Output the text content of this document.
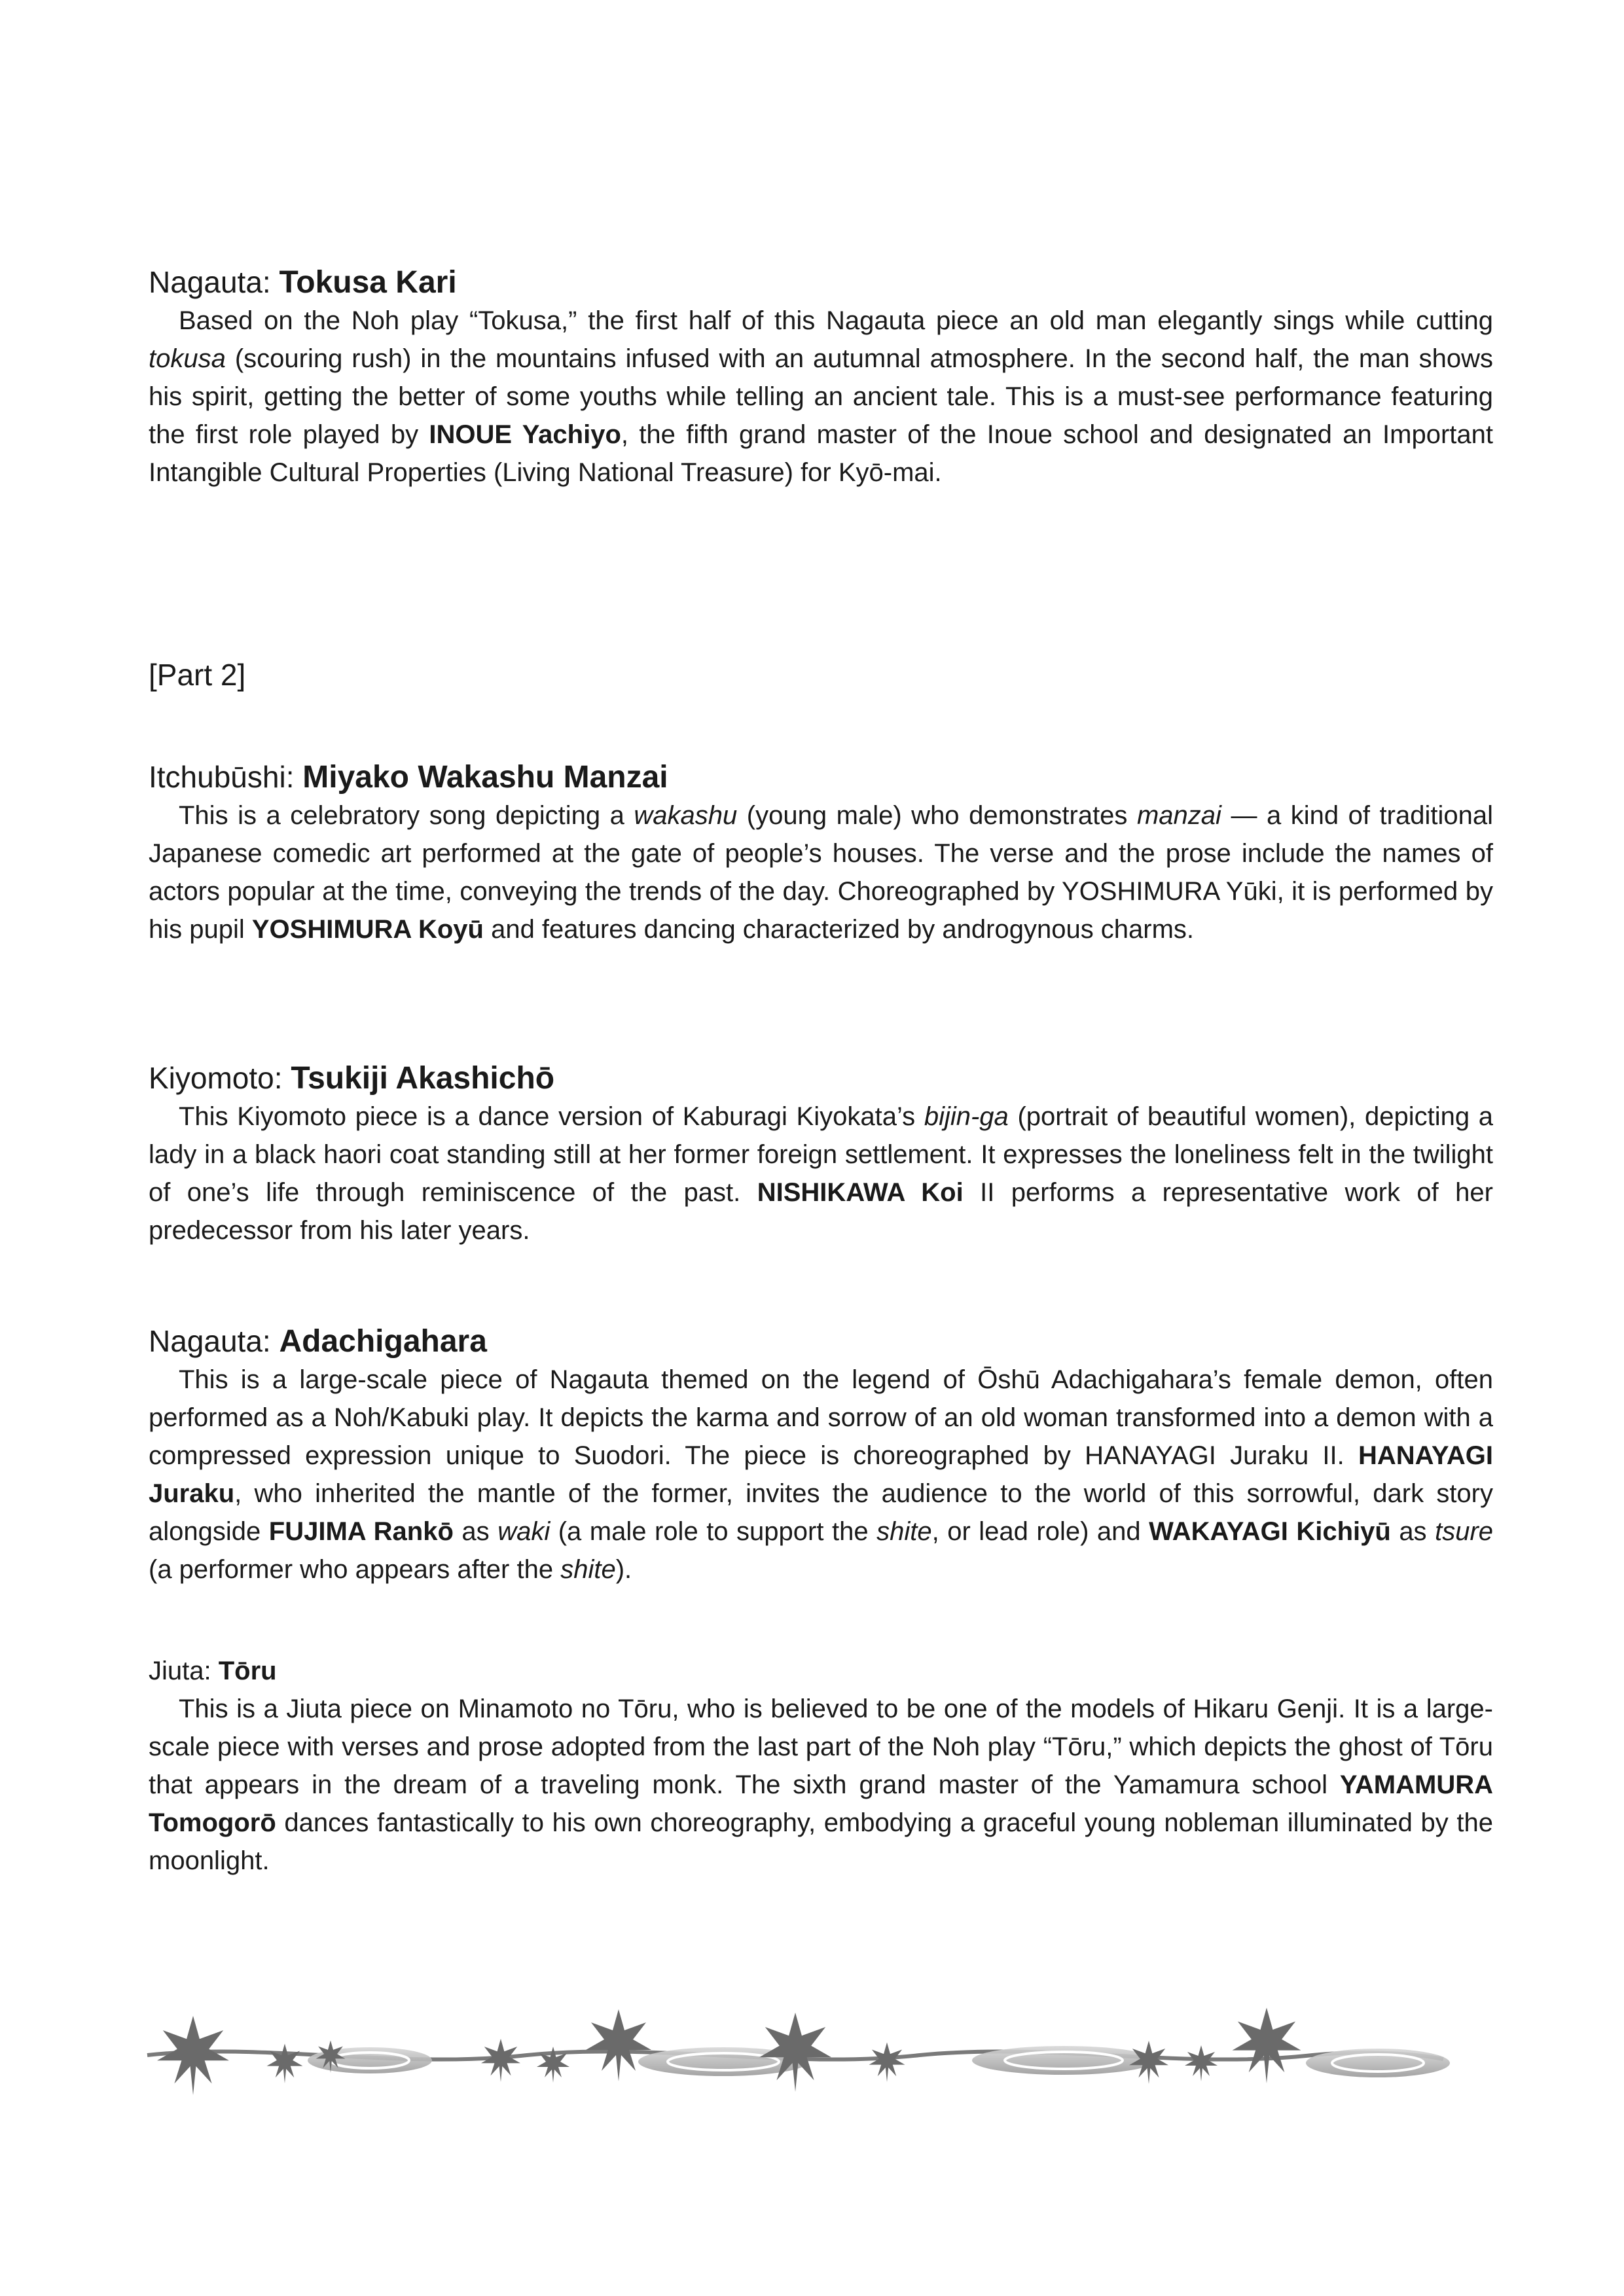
Nagauta: Tokusa Kari

Based on the Noh play “Tokusa,” the first half of this Nagauta piece an old man elegantly sings while cutting tokusa (scouring rush) in the mountains infused with an autumnal atmosphere. In the second half, the man shows his spirit, getting the better of some youths while telling an ancient tale. This is a must-see performance featuring the first role played by INOUE Yachiyo, the fifth grand master of the Inoue school and designated an Important Intangible Cultural Properties (Living National Treasure) for Kyō-mai.

[Part 2]
Itchubūshi: Miyako Wakashu Manzai

This is a celebratory song depicting a wakashu (young male) who demonstrates manzai — a kind of traditional Japanese comedic art performed at the gate of people’s houses. The verse and the prose include the names of actors popular at the time, conveying the trends of the day. Choreographed by YOSHIMURA Yūki, it is performed by his pupil YOSHIMURA Koyū and features dancing characterized by androgynous charms.

Kiyomoto: Tsukiji Akashichō

This Kiyomoto piece is a dance version of Kaburagi Kiyokata’s bijin-ga (portrait of beautiful women), depicting a lady in a black haori coat standing still at her former foreign settlement. It expresses the loneliness felt in the twilight of one’s life through reminiscence of the past. NISHIKAWA Koi II performs a representative work of her predecessor from his later years.

Nagauta: Adachigahara

This is a large-scale piece of Nagauta themed on the legend of Ōshū Adachigahara’s female demon, often performed as a Noh/Kabuki play. It depicts the karma and sorrow of an old woman transformed into a demon with a compressed expression unique to Suodori. The piece is choreographed by HANAYAGI Juraku II. HANAYAGI Juraku, who inherited the mantle of the former, invites the audience to the world of this sorrowful, dark story alongside FUJIMA Rankō as waki (a male role to support the shite, or lead role) and WAKAYAGI Kichiyū as tsure (a performer who appears after the shite).

Jiuta: Tōru

This is a Jiuta piece on Minamoto no Tōru, who is believed to be one of the models of Hikaru Genji. It is a large-scale piece with verses and prose adopted from the last part of the Noh play “Tōru,” which depicts the ghost of Tōru that appears in the dream of a traveling monk. The sixth grand master of the Yamamura school YAMAMURA Tomogorō dances fantastically to his own choreography, embodying a graceful young nobleman illuminated by the moonlight.
